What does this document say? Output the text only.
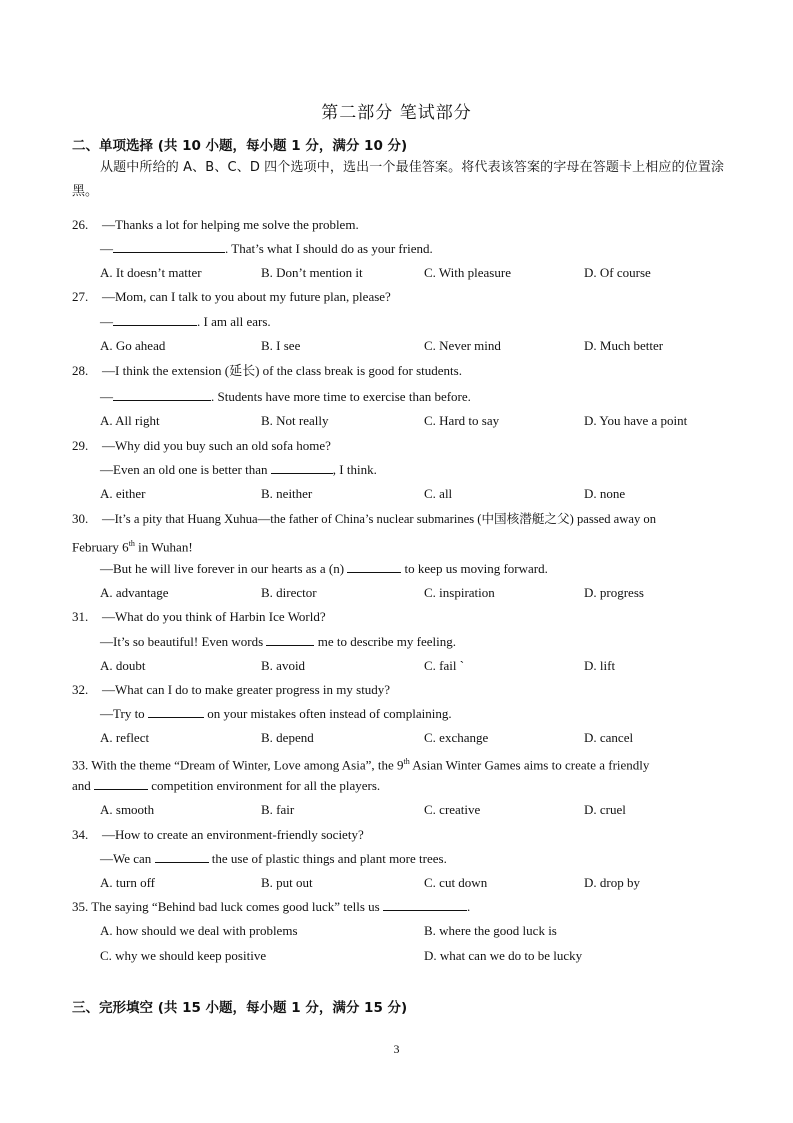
第二部分 笔试部分
二、单项选择 (共 10 小题，每小题 1 分，满分 10 分)
从题中所给的 A、B、C、D 四个选项中，选出一个最佳答案。将代表该答案的字母在答题卡上相应的位置涂黑。
26. —Thanks a lot for helping me solve the problem.
—	. That’s what I should do as your friend.
A. It doesn’t matter	B. Don’t mention it	C. With pleasure	D. Of course
27. —Mom, can I talk to you about my future plan, please?
—	. I am all ears.
A. Go ahead	B. I see	C. Never mind	D. Much better
28. —I think the extension (延长) of the class break is good for students.
—	. Students have more time to exercise than before.
A. All right	B. Not really	C. Hard to say	D. You have a point
29. —Why did you buy such an old sofa home?
—Even an old one is better than	, I think.
A. either	B. neither	C. all	D. none
30. —It’s a pity that Huang Xuhua—the father of China’s nuclear submarines (中国核潜艇之父) passed away on
February 6th in Wuhan!
—But he will live forever in our hearts as a (n)	to keep us moving forward.
A. advantage	B. director	C. inspiration	D. progress
31. —What do you think of Harbin Ice World?
—It’s so beautiful! Even words	me to describe my feeling.
A. doubt	B. avoid	C. fail `	D. lift
32. —What can I do to make greater progress in my study?
—Try to	on your mistakes often instead of complaining.
A. reflect	B. depend	C. exchange	D. cancel
33. With the theme “Dream of Winter, Love among Asia”, the 9th Asian Winter Games aims to create a friendly
and	competition environment for all the players.
A. smooth	B. fair	C. creative	D. cruel
34. —How to create an environment-friendly society?
—We can	the use of plastic things and plant more trees.
A. turn off	B. put out	C. cut down	D. drop by
35. The saying “Behind bad luck comes good luck” tells us	.
A. how should we deal with problems	B. where the good luck is
C. why we should keep positive	D. what can we do to be lucky
三、完形填空 (共 15 小题，每小题 1 分，满分 15 分)
3
